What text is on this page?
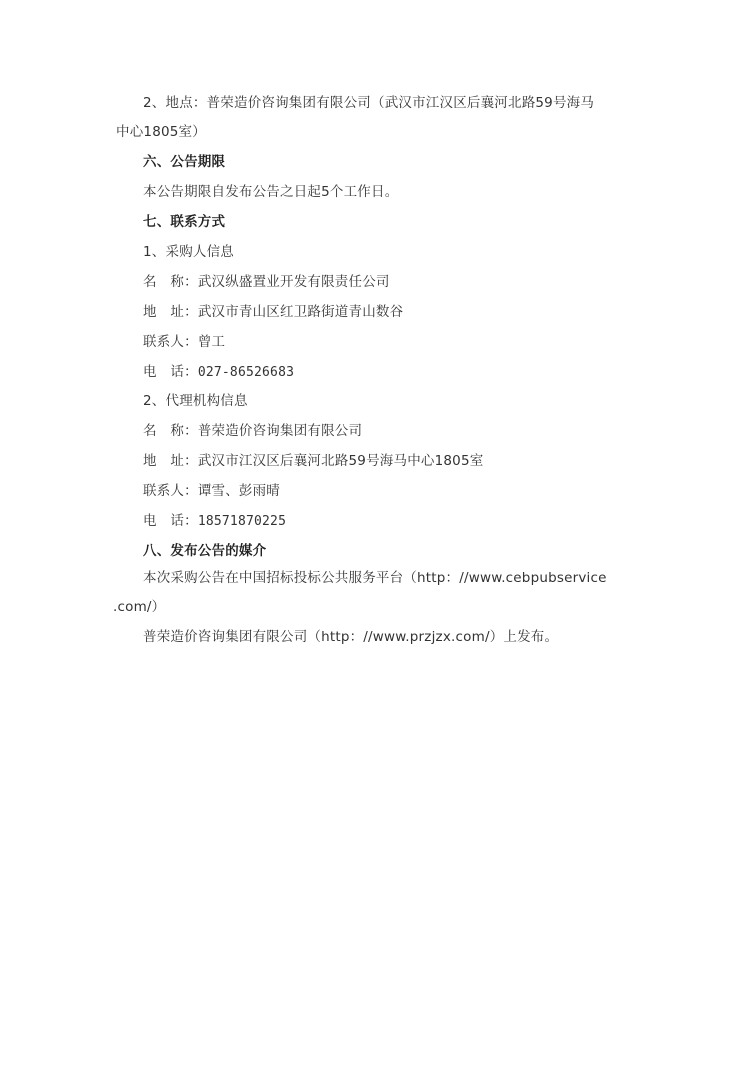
2、地点：普荣造价咨询集团有限公司（武汉市江汉区后襄河北路59号海马
中心1805室）
六、公告期限
本公告期限自发布公告之日起5个工作日。
七、联系方式
1、采购人信息
名　称：武汉纵盛置业开发有限责任公司
地　址：武汉市青山区红卫路街道青山数谷
联系人：曾工
电　话：027-86526683
2、代理机构信息
名　称：普荣造价咨询集团有限公司
地　址：武汉市江汉区后襄河北路59号海马中心1805室
联系人：谭雪、彭雨晴
电　话：18571870225
八、发布公告的媒介
本次采购公告在中国招标投标公共服务平台（http：//www.cebpubservice
.com/）
普荣造价咨询集团有限公司（http：//www.przjzx.com/）上发布。
